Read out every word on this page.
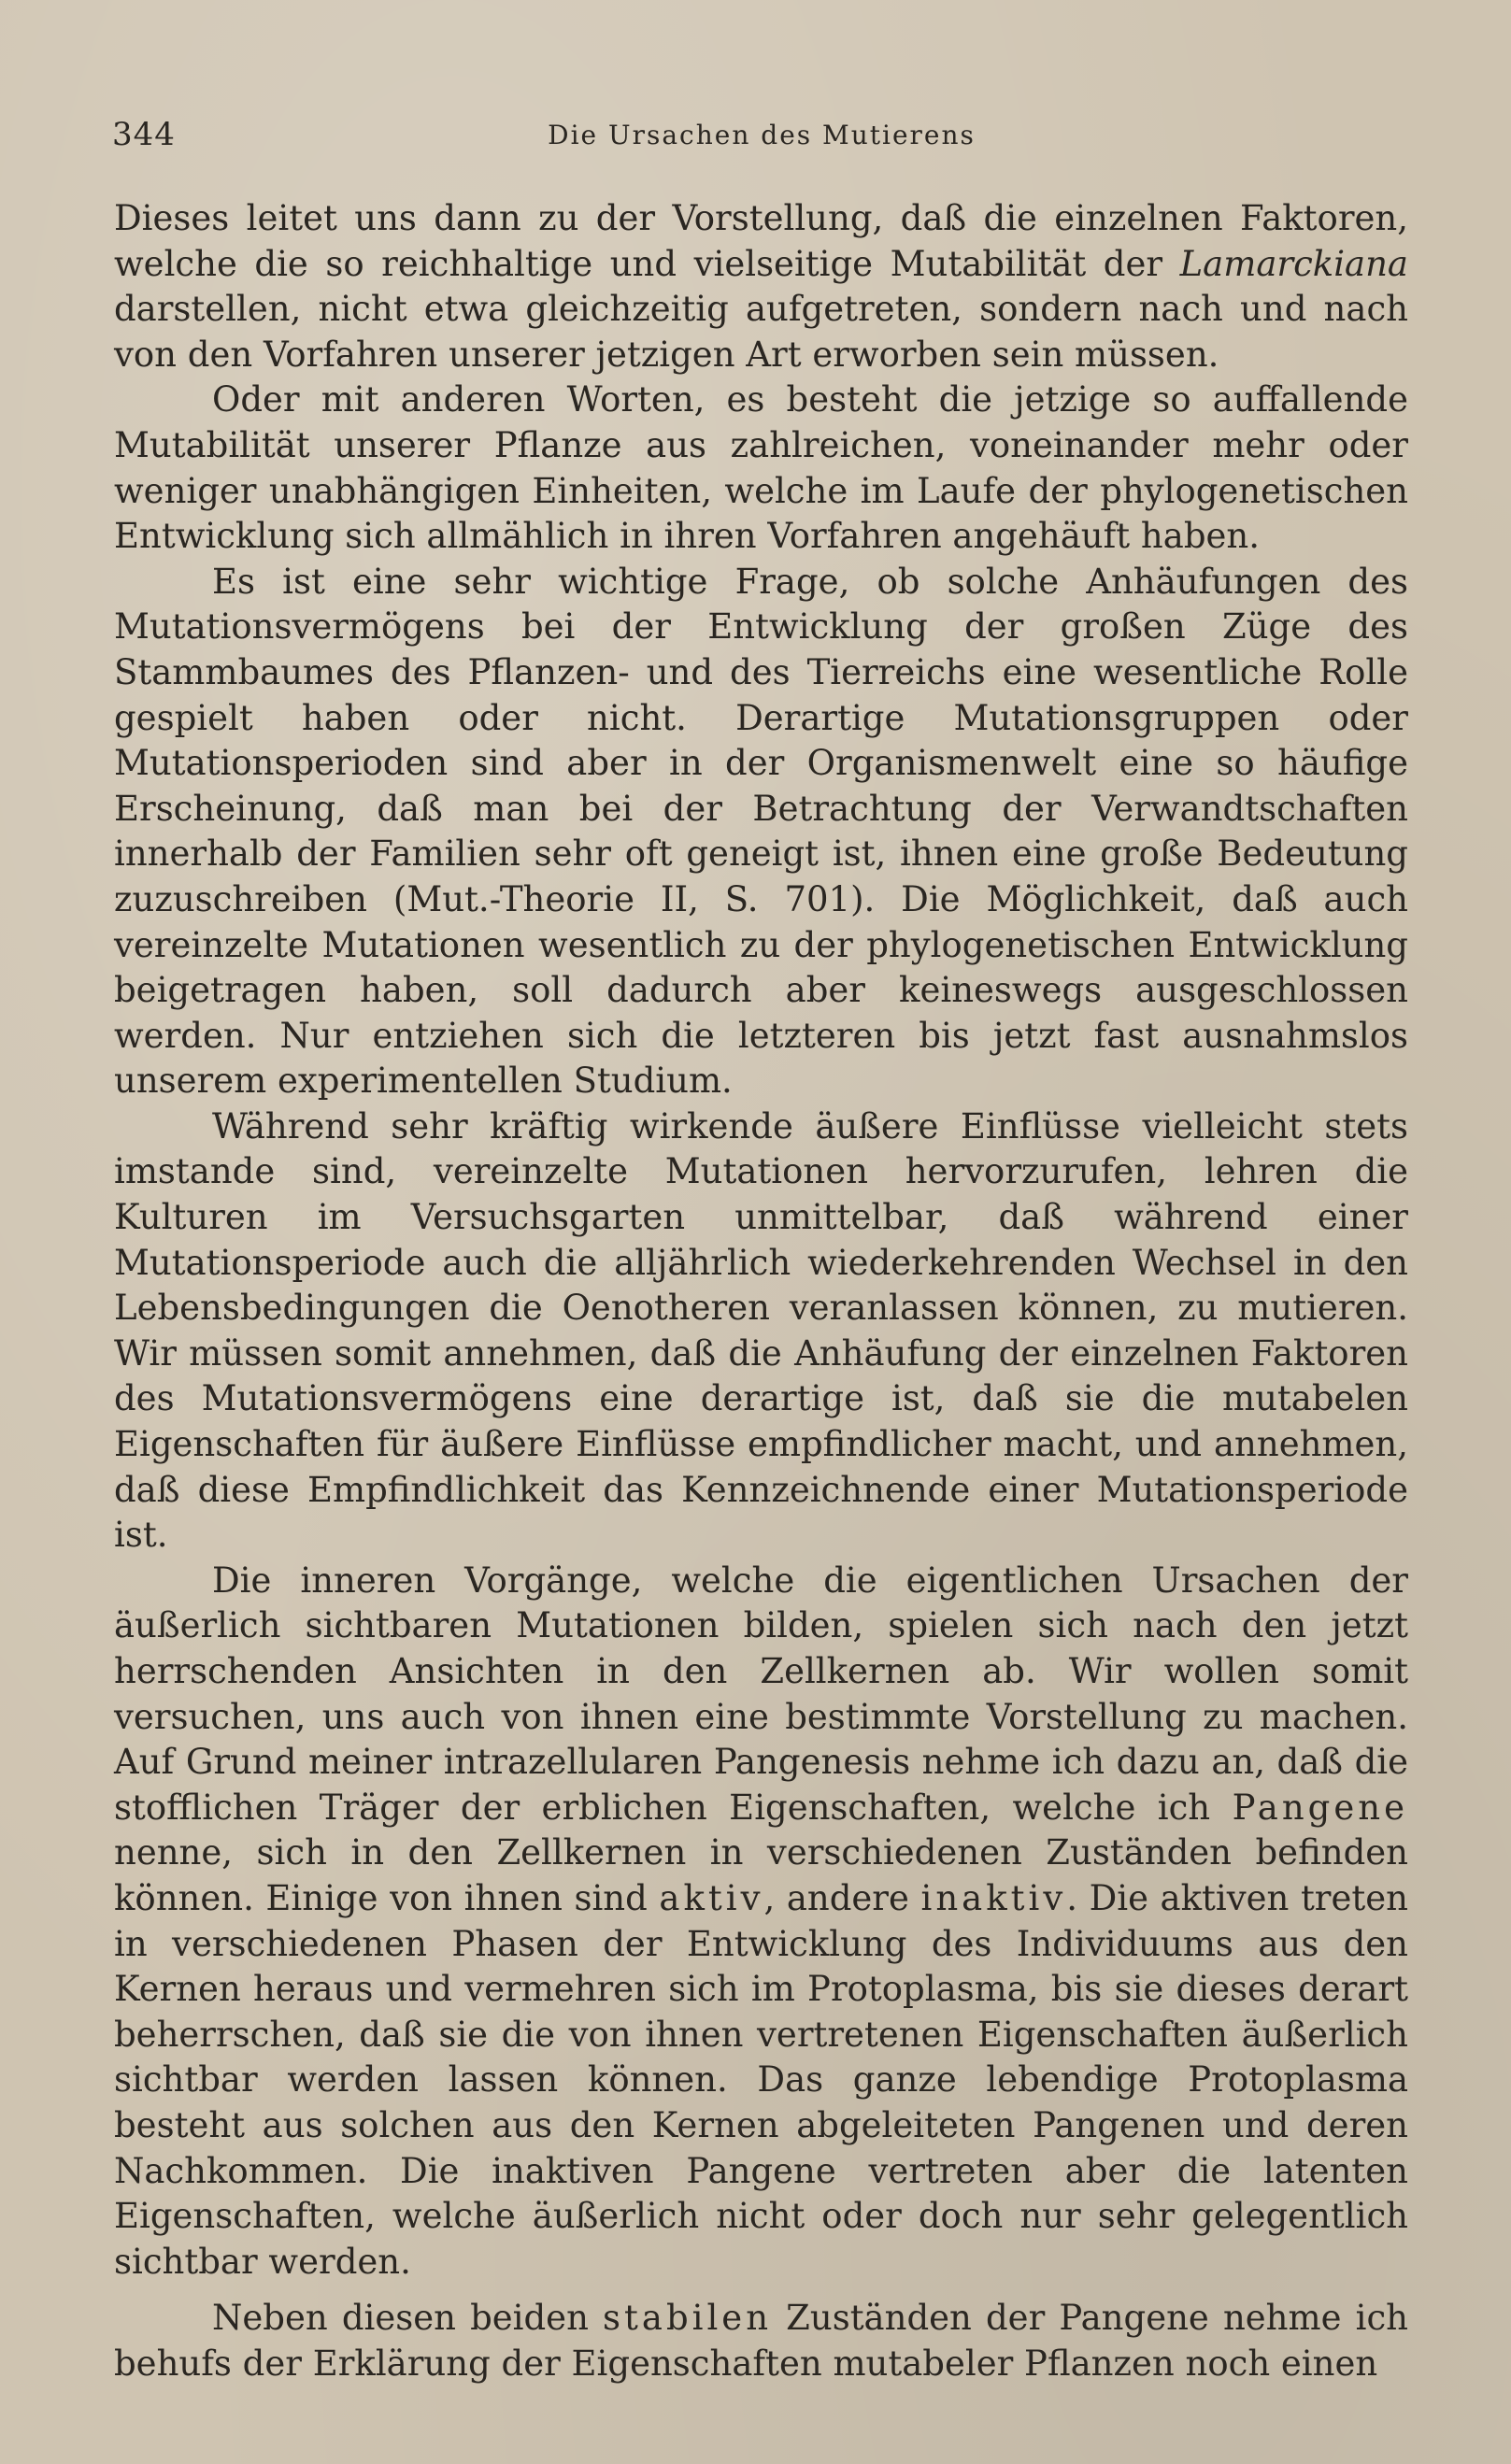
344	Die Ursachen des Mutierens

Dieses leitet uns dann zu der Vorstellung, daß die einzelnen Faktoren, welche die so reichhaltige und vielseitige Mutabilität der Lamarckiana darstellen, nicht etwa gleichzeitig aufgetreten, sondern nach und nach von den Vorfahren unserer jetzigen Art erworben sein müssen.

Oder mit anderen Worten, es besteht die jetzige so auffallende Mutabilität unserer Pflanze aus zahlreichen, voneinander mehr oder weniger unabhängigen Einheiten, welche im Laufe der phylogenetischen Entwicklung sich allmählich in ihren Vorfahren angehäuft haben.

Es ist eine sehr wichtige Frage, ob solche Anhäufungen des Mutationsvermögens bei der Entwicklung der großen Züge des Stammbaumes des Pflanzen- und des Tierreichs eine wesentliche Rolle gespielt haben oder nicht. Derartige Mutationsgruppen oder Mutationsperioden sind aber in der Organismenwelt eine so häufige Erscheinung, daß man bei der Betrachtung der Verwandtschaften innerhalb der Familien sehr oft geneigt ist, ihnen eine große Bedeutung zuzuschreiben (Mut.-Theorie II, S. 701). Die Möglichkeit, daß auch vereinzelte Mutationen wesentlich zu der phylogenetischen Entwicklung beigetragen haben, soll dadurch aber keineswegs ausgeschlossen werden. Nur entziehen sich die letzteren bis jetzt fast ausnahmslos unserem experimentellen Studium.

Während sehr kräftig wirkende äußere Einflüsse vielleicht stets imstande sind, vereinzelte Mutationen hervorzurufen, lehren die Kulturen im Versuchsgarten unmittelbar, daß während einer Mutationsperiode auch die alljährlich wiederkehrenden Wechsel in den Lebensbedingungen die Oenotheren veranlassen können, zu mutieren. Wir müssen somit annehmen, daß die Anhäufung der einzelnen Faktoren des Mutationsvermögens eine derartige ist, daß sie die mutabelen Eigenschaften für äußere Einflüsse empfindlicher macht, und annehmen, daß diese Empfindlichkeit das Kennzeichnende einer Mutationsperiode ist.

Die inneren Vorgänge, welche die eigentlichen Ursachen der äußerlich sichtbaren Mutationen bilden, spielen sich nach den jetzt herrschenden Ansichten in den Zellkernen ab. Wir wollen somit versuchen, uns auch von ihnen eine bestimmte Vorstellung zu machen. Auf Grund meiner intrazellularen Pangenesis nehme ich dazu an, daß die stofflichen Träger der erblichen Eigenschaften, welche ich Pangene nenne, sich in den Zellkernen in verschiedenen Zuständen befinden können. Einige von ihnen sind aktiv, andere inaktiv. Die aktiven treten in verschiedenen Phasen der Entwicklung des Individuums aus den Kernen heraus und vermehren sich im Protoplasma, bis sie dieses derart beherrschen, daß sie die von ihnen vertretenen Eigenschaften äußerlich sichtbar werden lassen können. Das ganze lebendige Protoplasma besteht aus solchen aus den Kernen abgeleiteten Pangenen und deren Nachkommen. Die inaktiven Pangene vertreten aber die latenten Eigenschaften, welche äußerlich nicht oder doch nur sehr gelegentlich sichtbar werden.

Neben diesen beiden stabilen Zuständen der Pangene nehme ich behufs der Erklärung der Eigenschaften mutabeler Pflanzen noch einen
